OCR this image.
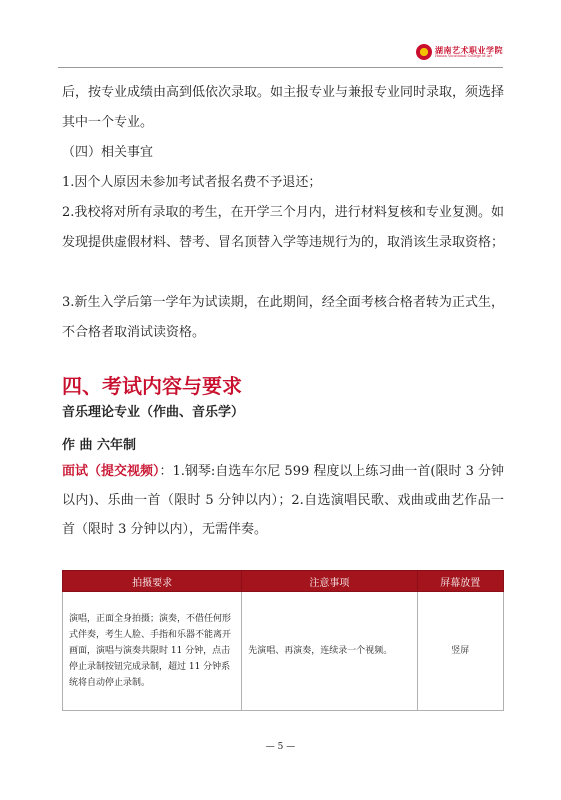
湖南艺术职业学院
Hunan Vocational College of Art
后，按专业成绩由高到低依次录取。如主报专业与兼报专业同时录取，须选择其中一个专业。
（四）相关事宜
1.因个人原因未参加考试者报名费不予退还；
2.我校将对所有录取的考生，在开学三个月内，进行材料复核和专业复测。如发现提供虚假材料、替考、冒名顶替入学等违规行为的，取消该生录取资格；
3.新生入学后第一学年为试读期，在此期间，经全面考核合格者转为正式生，不合格者取消试读资格。
四、考试内容与要求
音乐理论专业（作曲、音乐学）
作 曲 六年制
面试（提交视频）：1.钢琴:自选车尔尼 599 程度以上练习曲一首(限时 3 分钟以内)、乐曲一首（限时 5 分钟以内）；2.自选演唱民歌、戏曲或曲艺作品一首（限时 3 分钟以内），无需伴奏。
拍摄要求	注意事项	屏幕放置
演唱，正面全身拍摄；演奏，不借任何形式伴奏，考生人脸、手指和乐器不能离开画面，演唱与演奏共限时 11 分钟，点击停止录制按钮完成录制，超过 11 分钟系统将自动停止录制。	先演唱、再演奏，连续录一个视频。	竖屏
— 5 —
